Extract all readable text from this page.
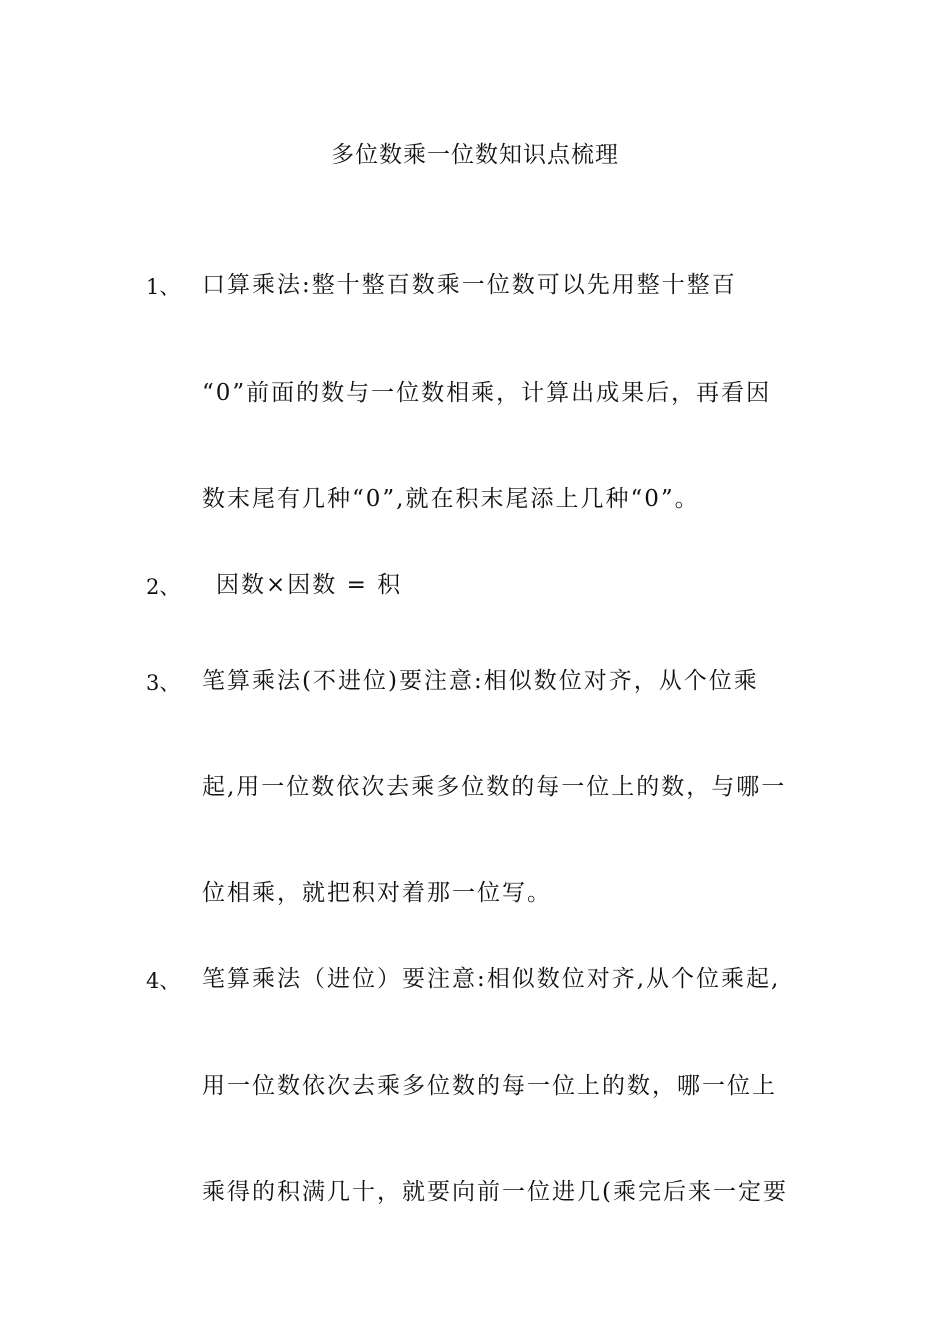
多位数乘一位数知识点梳理
1、 口算乘法:整十整百数乘一位数可以先用整十整百
“0”前面的数与一位数相乘，计算出成果后，再看因
数末尾有几种“0”,就在积末尾添上几种“0”。
2、 因数×因数 = 积
3、 笔算乘法(不进位)要注意:相似数位对齐，从个位乘
起,用一位数依次去乘多位数的每一位上的数，与哪一
位相乘，就把积对着那一位写。
4、 笔算乘法（进位）要注意:相似数位对齐,从个位乘起,
用一位数依次去乘多位数的每一位上的数，哪一位上
乘得的积满几十，就要向前一位进几(乘完后来一定要
